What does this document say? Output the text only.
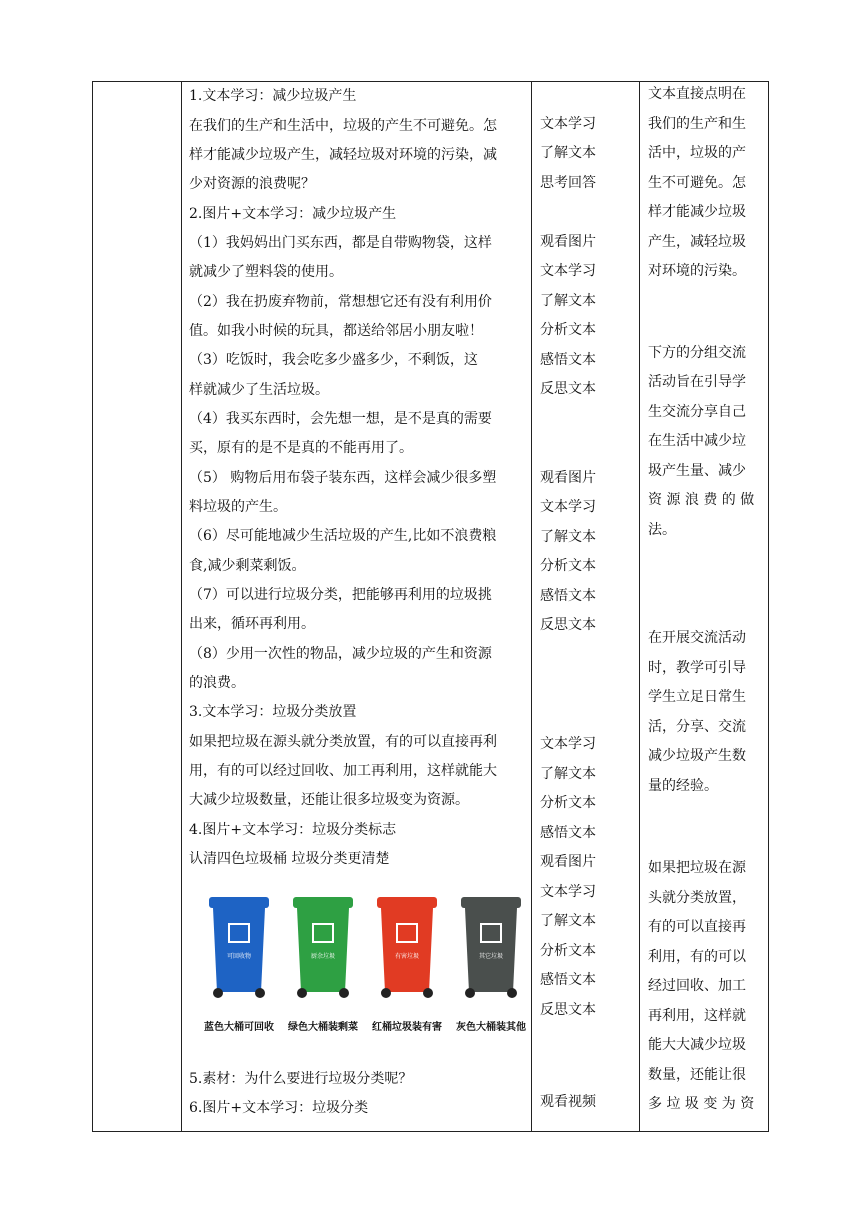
1.文本学习：减少垃圾产生
在我们的生产和生活中，垃圾的产生不可避免。怎
样才能减少垃圾产生，减轻垃圾对环境的污染，减
少对资源的浪费呢？
2.图片+文本学习：减少垃圾产生
（1）我妈妈出门买东西，都是自带购物袋，这样
就减少了塑料袋的使用。
（2）我在扔废弃物前，常想想它还有没有利用价
值。如我小时候的玩具，都送给邻居小朋友啦！
（3）吃饭时，我会吃多少盛多少，不剩饭，这
样就减少了生活垃圾。
（4）我买东西时，会先想一想，是不是真的需要
买，原有的是不是真的不能再用了。
（5） 购物后用布袋子装东西，这样会减少很多塑
料垃圾的产生。
（6）尽可能地减少生活垃圾的产生,比如不浪费粮
食,减少剩菜剩饭。
（7）可以进行垃圾分类，把能够再利用的垃圾挑
出来，循环再利用。
（8）少用一次性的物品，减少垃圾的产生和资源
的浪费。
3.文本学习：垃圾分类放置
如果把垃圾在源头就分类放置，有的可以直接再利
用，有的可以经过回收、加工再利用，这样就能大
大减少垃圾数量，还能让很多垃圾变为资源。
4.图片+文本学习：垃圾分类标志
认清四色垃圾桶 垃圾分类更清楚
5.素材：为什么要进行垃圾分类呢？
6.图片+文本学习：垃圾分类
文本学习
了解文本
思考回答
观看图片
文本学习
了解文本
分析文本
感悟文本
反思文本
观看图片
文本学习
了解文本
分析文本
感悟文本
反思文本
文本学习
了解文本
分析文本
感悟文本
观看图片
文本学习
了解文本
分析文本
感悟文本
反思文本
观看视频
文本直接点明在
我们的生产和生
活中，垃圾的产
生不可避免。怎
样才能减少垃圾
产生，减轻垃圾
对环境的污染。
下方的分组交流
活动旨在引导学
生交流分享自己
在生活中减少垃
圾产生量、减少
资 源 浪 费 的 做
法。
在开展交流活动
时，教学可引导
学生立足日常生
活，分享、交流
减少垃圾产生数
量的经验。
如果把垃圾在源
头就分类放置，
有的可以直接再
利用，有的可以
经过回收、加工
再利用，这样就
能大大减少垃圾
数量，还能让很
多 垃 圾 变 为 资
可回收物
蓝色大桶可回收
厨余垃圾
绿色大桶装剩菜
有害垃圾
红桶垃圾装有害
其它垃圾
灰色大桶装其他
